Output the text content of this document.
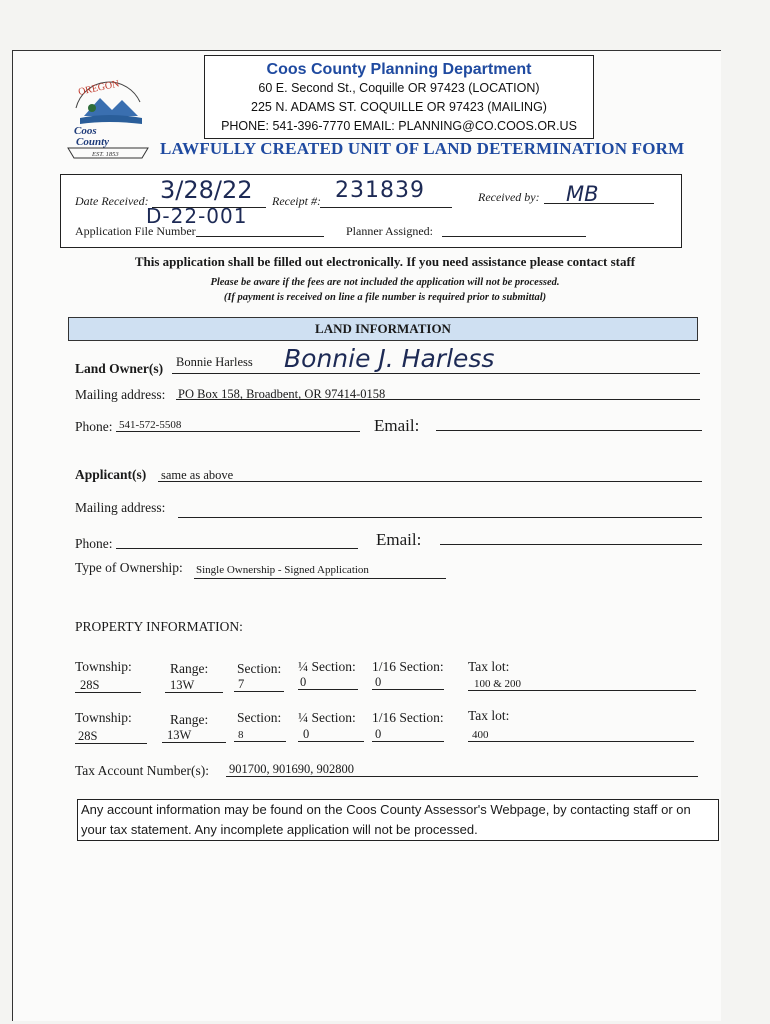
OREGON
Coos
County
EST. 1853
Coos County Planning Department
60 E. Second St., Coquille OR 97423 (LOCATION)
225 N. ADAMS ST. COQUILLE OR 97423 (MAILING)
PHONE: 541-396-7770 EMAIL: PLANNING@CO.COOS.OR.US
LAWFULLY CREATED UNIT OF LAND DETERMINATION FORM
Date Received: 3/28/22 Receipt #: 231839	Received by: MB
Application File Number
D-22-001
Planner Assigned:
This application shall be filled out electronically. If you need assistance please contact staff
Please be aware if the fees are not included the application will not be processed.
(If payment is received on line a file number is required prior to submittal)
LAND INFORMATION
Land Owner(s) Bonnie Harless Bonnie J. Harless
Mailing address: PO Box 158, Broadbent, OR 97414-0158
Phone: 541-572-5508	Email:
Applicant(s) same as above
Mailing address:
Phone:	Email:
Type of Ownership: Single Ownership - Signed Application
PROPERTY INFORMATION:
Township:	Range: Section: ¼ Section: 1/16 Section: Tax lot:
28S	13W	7	0	0	100 & 200
Township:	Range: Section: ¼ Section: 1/16 Section: Tax lot:
28S	13W	8	0	0	400
Tax Account Number(s): 901700, 901690, 902800
Any account information may be found on the Coos County Assessor's Webpage, by contacting staff or on
your tax statement. Any incomplete application will not be processed.
